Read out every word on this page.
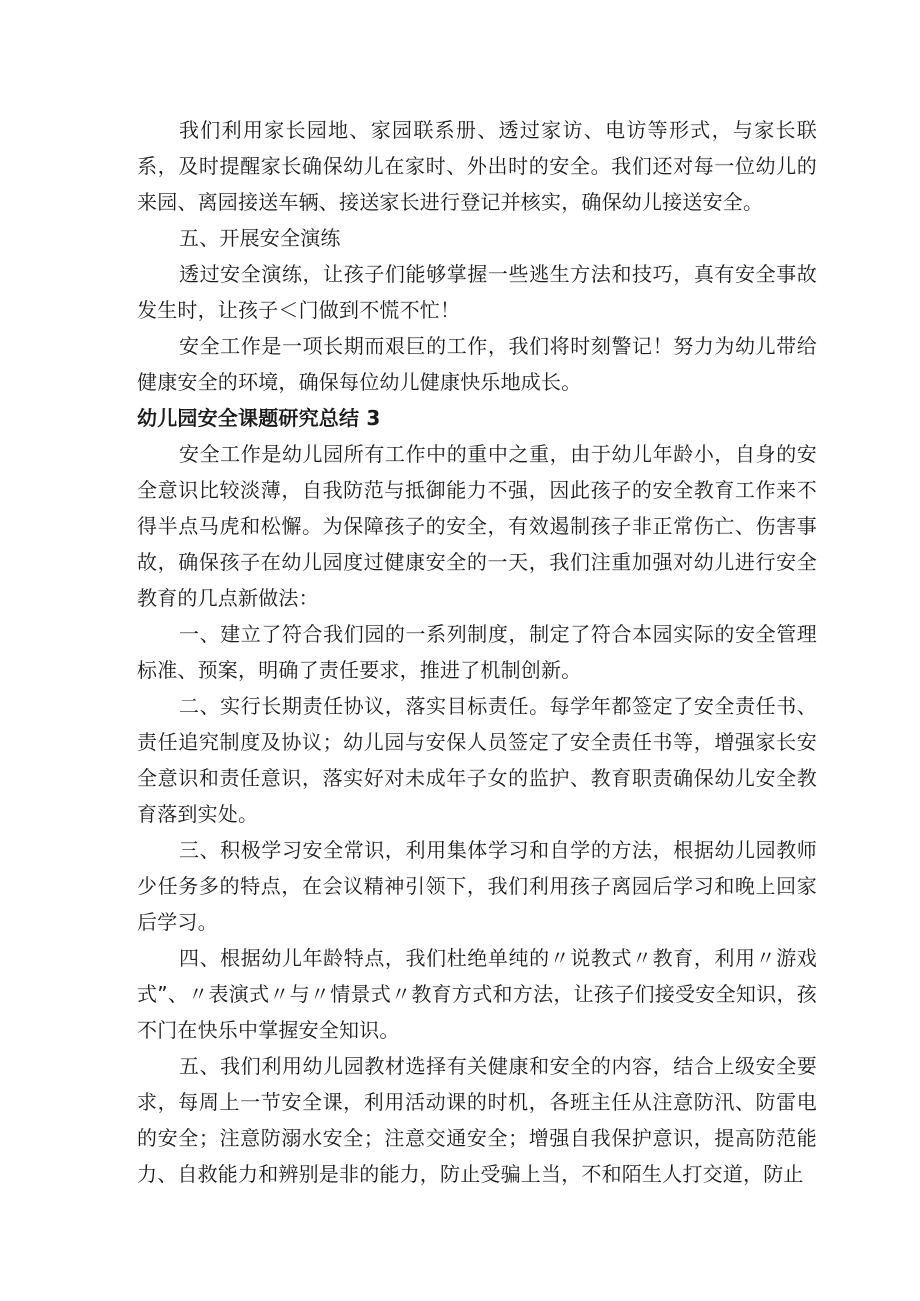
我们利用家长园地、家园联系册、透过家访、电访等形式，与家长联系，及时提醒家长确保幼儿在家时、外出时的安全。我们还对每一位幼儿的来园、离园接送车辆、接送家长进行登记并核实，确保幼儿接送安全。

五、开展安全演练

透过安全演练，让孩子们能够掌握一些逃生方法和技巧，真有安全事故发生时，让孩子＜门做到不慌不忙！

安全工作是一项长期而艰巨的工作，我们将时刻警记！努力为幼儿带给健康安全的环境，确保每位幼儿健康快乐地成长。

幼儿园安全课题研究总结 3

安全工作是幼儿园所有工作中的重中之重，由于幼儿年龄小，自身的安全意识比较淡薄，自我防范与抵御能力不强，因此孩子的安全教育工作来不得半点马虎和松懈。为保障孩子的安全，有效遏制孩子非正常伤亡、伤害事故，确保孩子在幼儿园度过健康安全的一天，我们注重加强对幼儿进行安全教育的几点新做法：

一、建立了符合我们园的一系列制度，制定了符合本园实际的安全管理标准、预案，明确了责任要求，推进了机制创新。

二、实行长期责任协议，落实目标责任。每学年都签定了安全责任书、责任追究制度及协议；幼儿园与安保人员签定了安全责任书等，增强家长安全意识和责任意识，落实好对未成年子女的监护、教育职责确保幼儿安全教育落到实处。

三、积极学习安全常识，利用集体学习和自学的方法，根据幼儿园教师少任务多的特点，在会议精神引领下，我们利用孩子离园后学习和晚上回家后学习。

四、根据幼儿年龄特点，我们杜绝单纯的〃说教式〃教育，利用〃游戏式”、〃表演式〃与〃情景式〃教育方式和方法，让孩子们接受安全知识，孩不门在快乐中掌握安全知识。

五、我们利用幼儿园教材选择有关健康和安全的内容，结合上级安全要求，每周上一节安全课，利用活动课的时机，各班主任从注意防汛、防雷电的安全；注意防溺水安全；注意交通安全；增强自我保护意识，提高防范能力、自救能力和辨别是非的能力，防止受骗上当，不和陌生人打交道，防止
